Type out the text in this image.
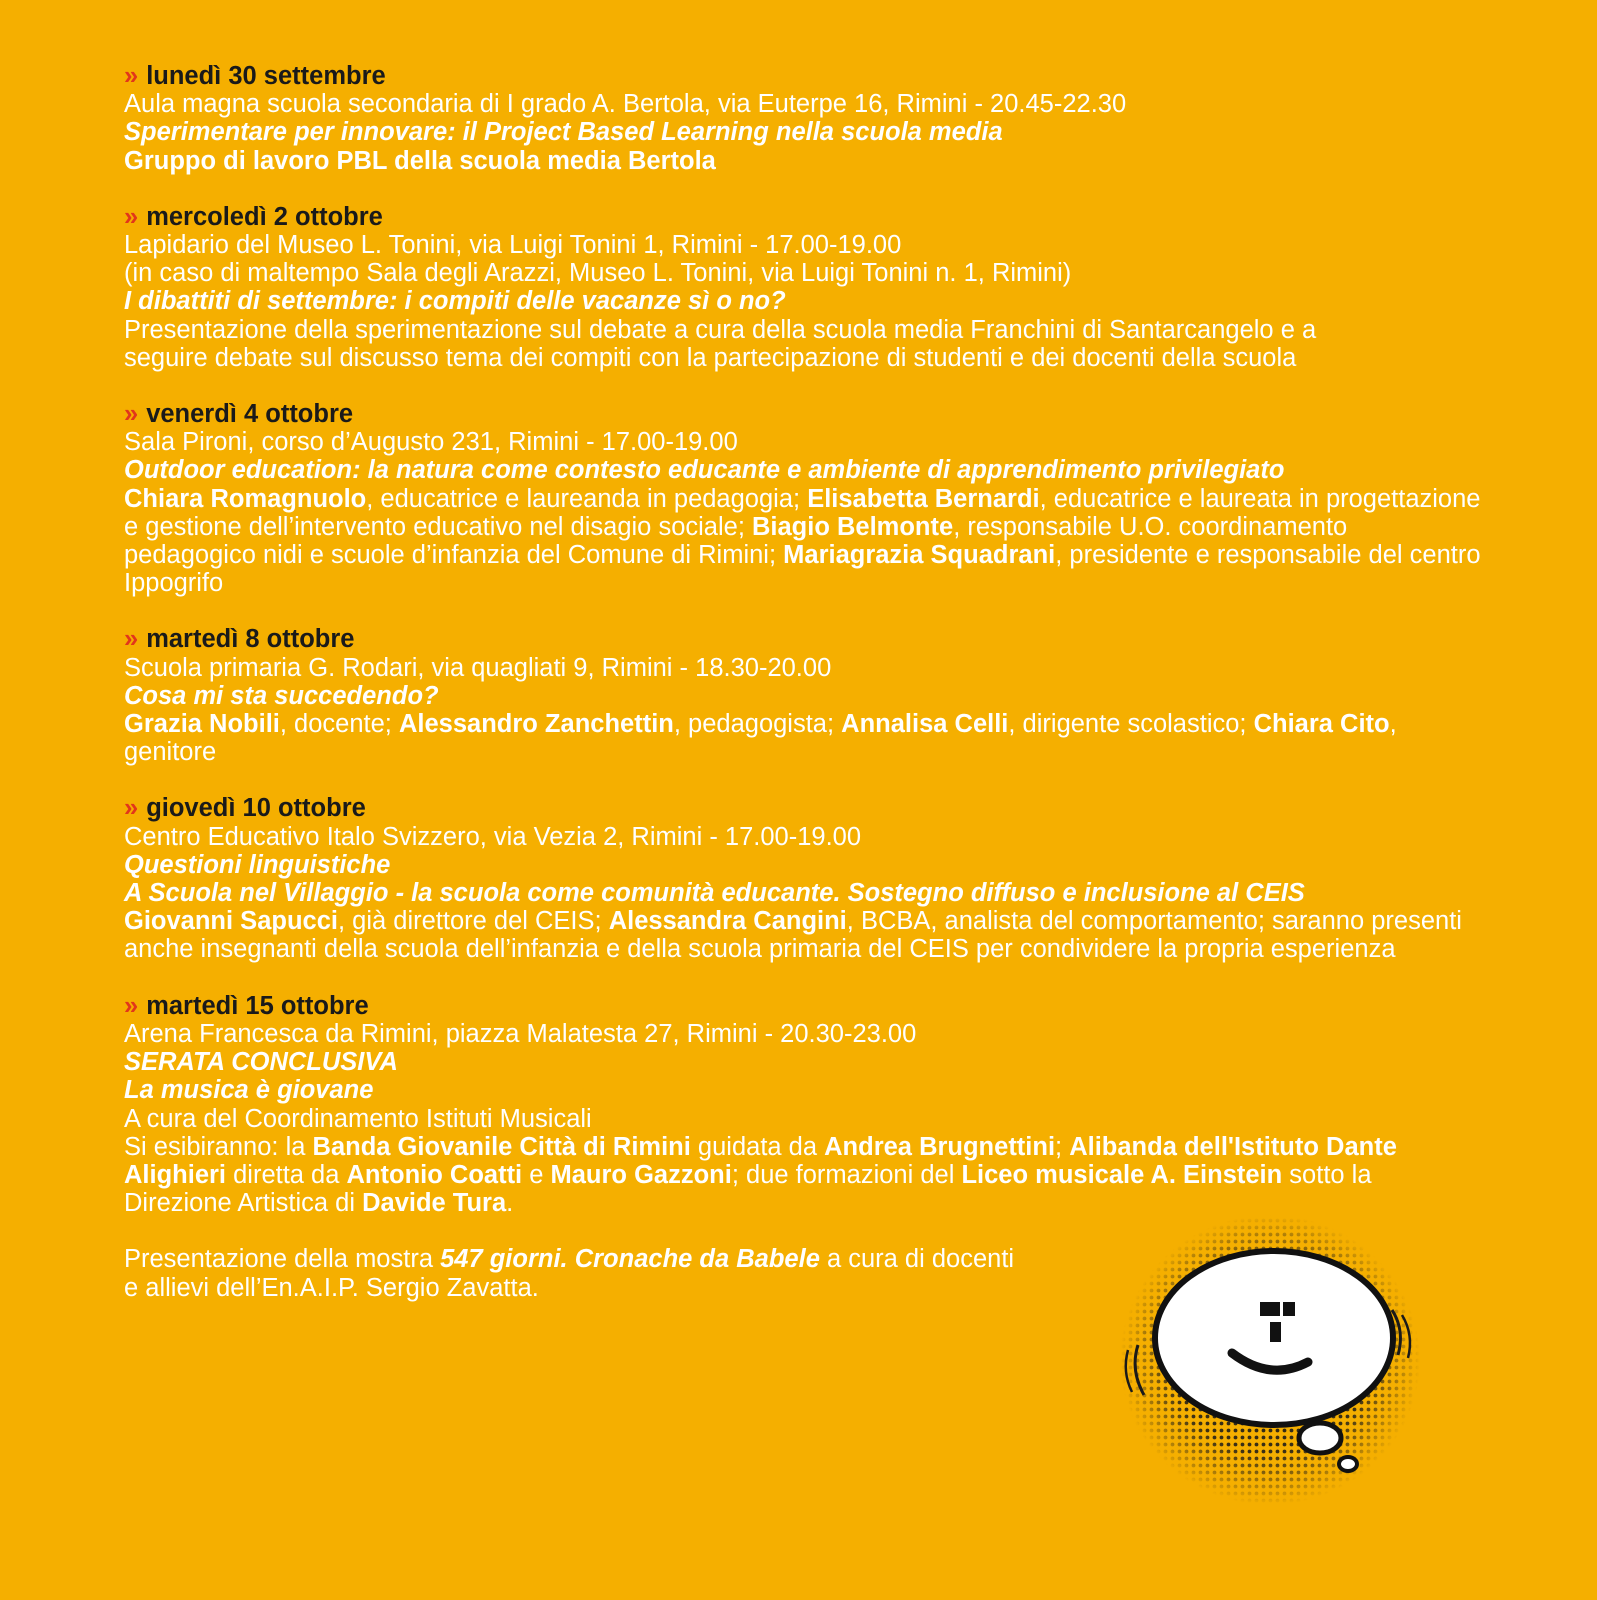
» lunedì 30 settembre
Aula magna scuola secondaria di I grado A. Bertola, via Euterpe 16, Rimini - 20.45-22.30
Sperimentare per innovare: il Project Based Learning nella scuola media
Gruppo di lavoro PBL della scuola media Bertola
» mercoledì 2 ottobre
Lapidario del Museo L. Tonini, via Luigi Tonini 1, Rimini - 17.00-19.00
(in caso di maltempo Sala degli Arazzi, Museo L. Tonini, via Luigi Tonini n. 1, Rimini)
I dibattiti di settembre: i compiti delle vacanze sì o no?
Presentazione della sperimentazione sul debate a cura della scuola media Franchini di Santarcangelo e a
seguire debate sul discusso tema dei compiti con la partecipazione di studenti e dei docenti della scuola
» venerdì 4 ottobre
Sala Pironi, corso d’Augusto 231, Rimini - 17.00-19.00
Outdoor education: la natura come contesto educante e ambiente di apprendimento privilegiato
Chiara Romagnuolo, educatrice e laureanda in pedagogia; Elisabetta Bernardi, educatrice e laureata in progettazione e gestione dell’intervento educativo nel disagio sociale; Biagio Belmonte, responsabile U.O. coordinamento pedagogico nidi e scuole d’infanzia del Comune di Rimini; Mariagrazia Squadrani, presidente e responsabile del centro Ippogrifo
» martedì 8 ottobre
Scuola primaria G. Rodari, via quagliati 9, Rimini - 18.30-20.00
Cosa mi sta succedendo?
Grazia Nobili, docente; Alessandro Zanchettin, pedagogista; Annalisa Celli, dirigente scolastico; Chiara Cito, genitore
» giovedì 10 ottobre
Centro Educativo Italo Svizzero, via Vezia 2, Rimini - 17.00-19.00
Questioni linguistiche
A Scuola nel Villaggio - la scuola come comunità educante. Sostegno diffuso e inclusione al CEIS
Giovanni Sapucci, già direttore del CEIS; Alessandra Cangini, BCBA, analista del comportamento; saranno presenti anche insegnanti della scuola dell’infanzia e della scuola primaria del CEIS per condividere la propria esperienza
» martedì 15 ottobre
Arena Francesca da Rimini, piazza Malatesta 27, Rimini - 20.30-23.00
SERATA CONCLUSIVA
La musica è giovane
A cura del Coordinamento Istituti Musicali
Si esibiranno: la Banda Giovanile Città di Rimini guidata da Andrea Brugnettini; Alibanda dell'Istituto Dante Alighieri diretta da Antonio Coatti e Mauro Gazzoni; due formazioni del Liceo musicale A. Einstein sotto la Direzione Artistica di Davide Tura.
Presentazione della mostra 547 giorni. Cronache da Babele a cura di docenti
e allievi dell’En.A.I.P. Sergio Zavatta.
